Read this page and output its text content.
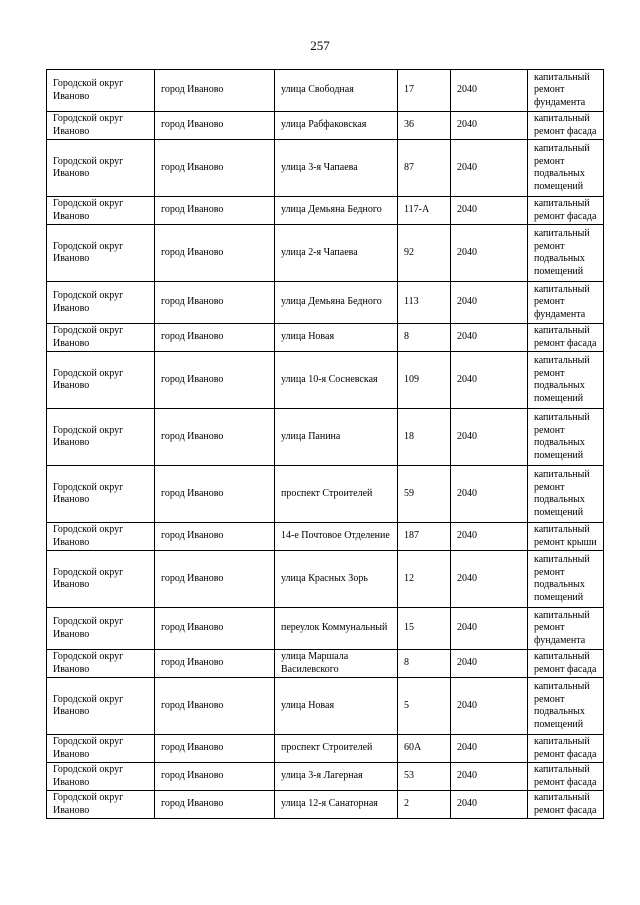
257
Городской округ Иваново	город Иваново	улица Свободная	17	2040	капитальный ремонт фундамента
Городской округ Иваново	город Иваново	улица Рабфаковская	36	2040	капитальный ремонт фасада
Городской округ Иваново	город Иваново	улица 3-я Чапаева	87	2040	капитальный ремонт подвальных помещений
Городской округ Иваново	город Иваново	улица Демьяна Бедного	117-А	2040	капитальный ремонт фасада
Городской округ Иваново	город Иваново	улица 2-я Чапаева	92	2040	капитальный ремонт подвальных помещений
Городской округ Иваново	город Иваново	улица Демьяна Бедного	113	2040	капитальный ремонт фундамента
Городской округ Иваново	город Иваново	улица Новая	8	2040	капитальный ремонт фасада
Городской округ Иваново	город Иваново	улица 10-я Сосневская	109	2040	капитальный ремонт подвальных помещений
Городской округ Иваново	город Иваново	улица Панина	18	2040	капитальный ремонт подвальных помещений
Городской округ Иваново	город Иваново	проспект Строителей	59	2040	капитальный ремонт подвальных помещений
Городской округ Иваново	город Иваново	14-е Почтовое Отделение	187	2040	капитальный ремонт крыши
Городской округ Иваново	город Иваново	улица Красных Зорь	12	2040	капитальный ремонт подвальных помещений
Городской округ Иваново	город Иваново	переулок Коммунальный	15	2040	капитальный ремонт фундамента
Городской округ Иваново	город Иваново	улица Маршала Василевского	8	2040	капитальный ремонт фасада
Городской округ Иваново	город Иваново	улица Новая	5	2040	капитальный ремонт подвальных помещений
Городской округ Иваново	город Иваново	проспект Строителей	60А	2040	капитальный ремонт фасада
Городской округ Иваново	город Иваново	улица 3-я Лагерная	53	2040	капитальный ремонт фасада
Городской округ Иваново	город Иваново	улица 12-я Санаторная	2	2040	капитальный ремонт фасада
